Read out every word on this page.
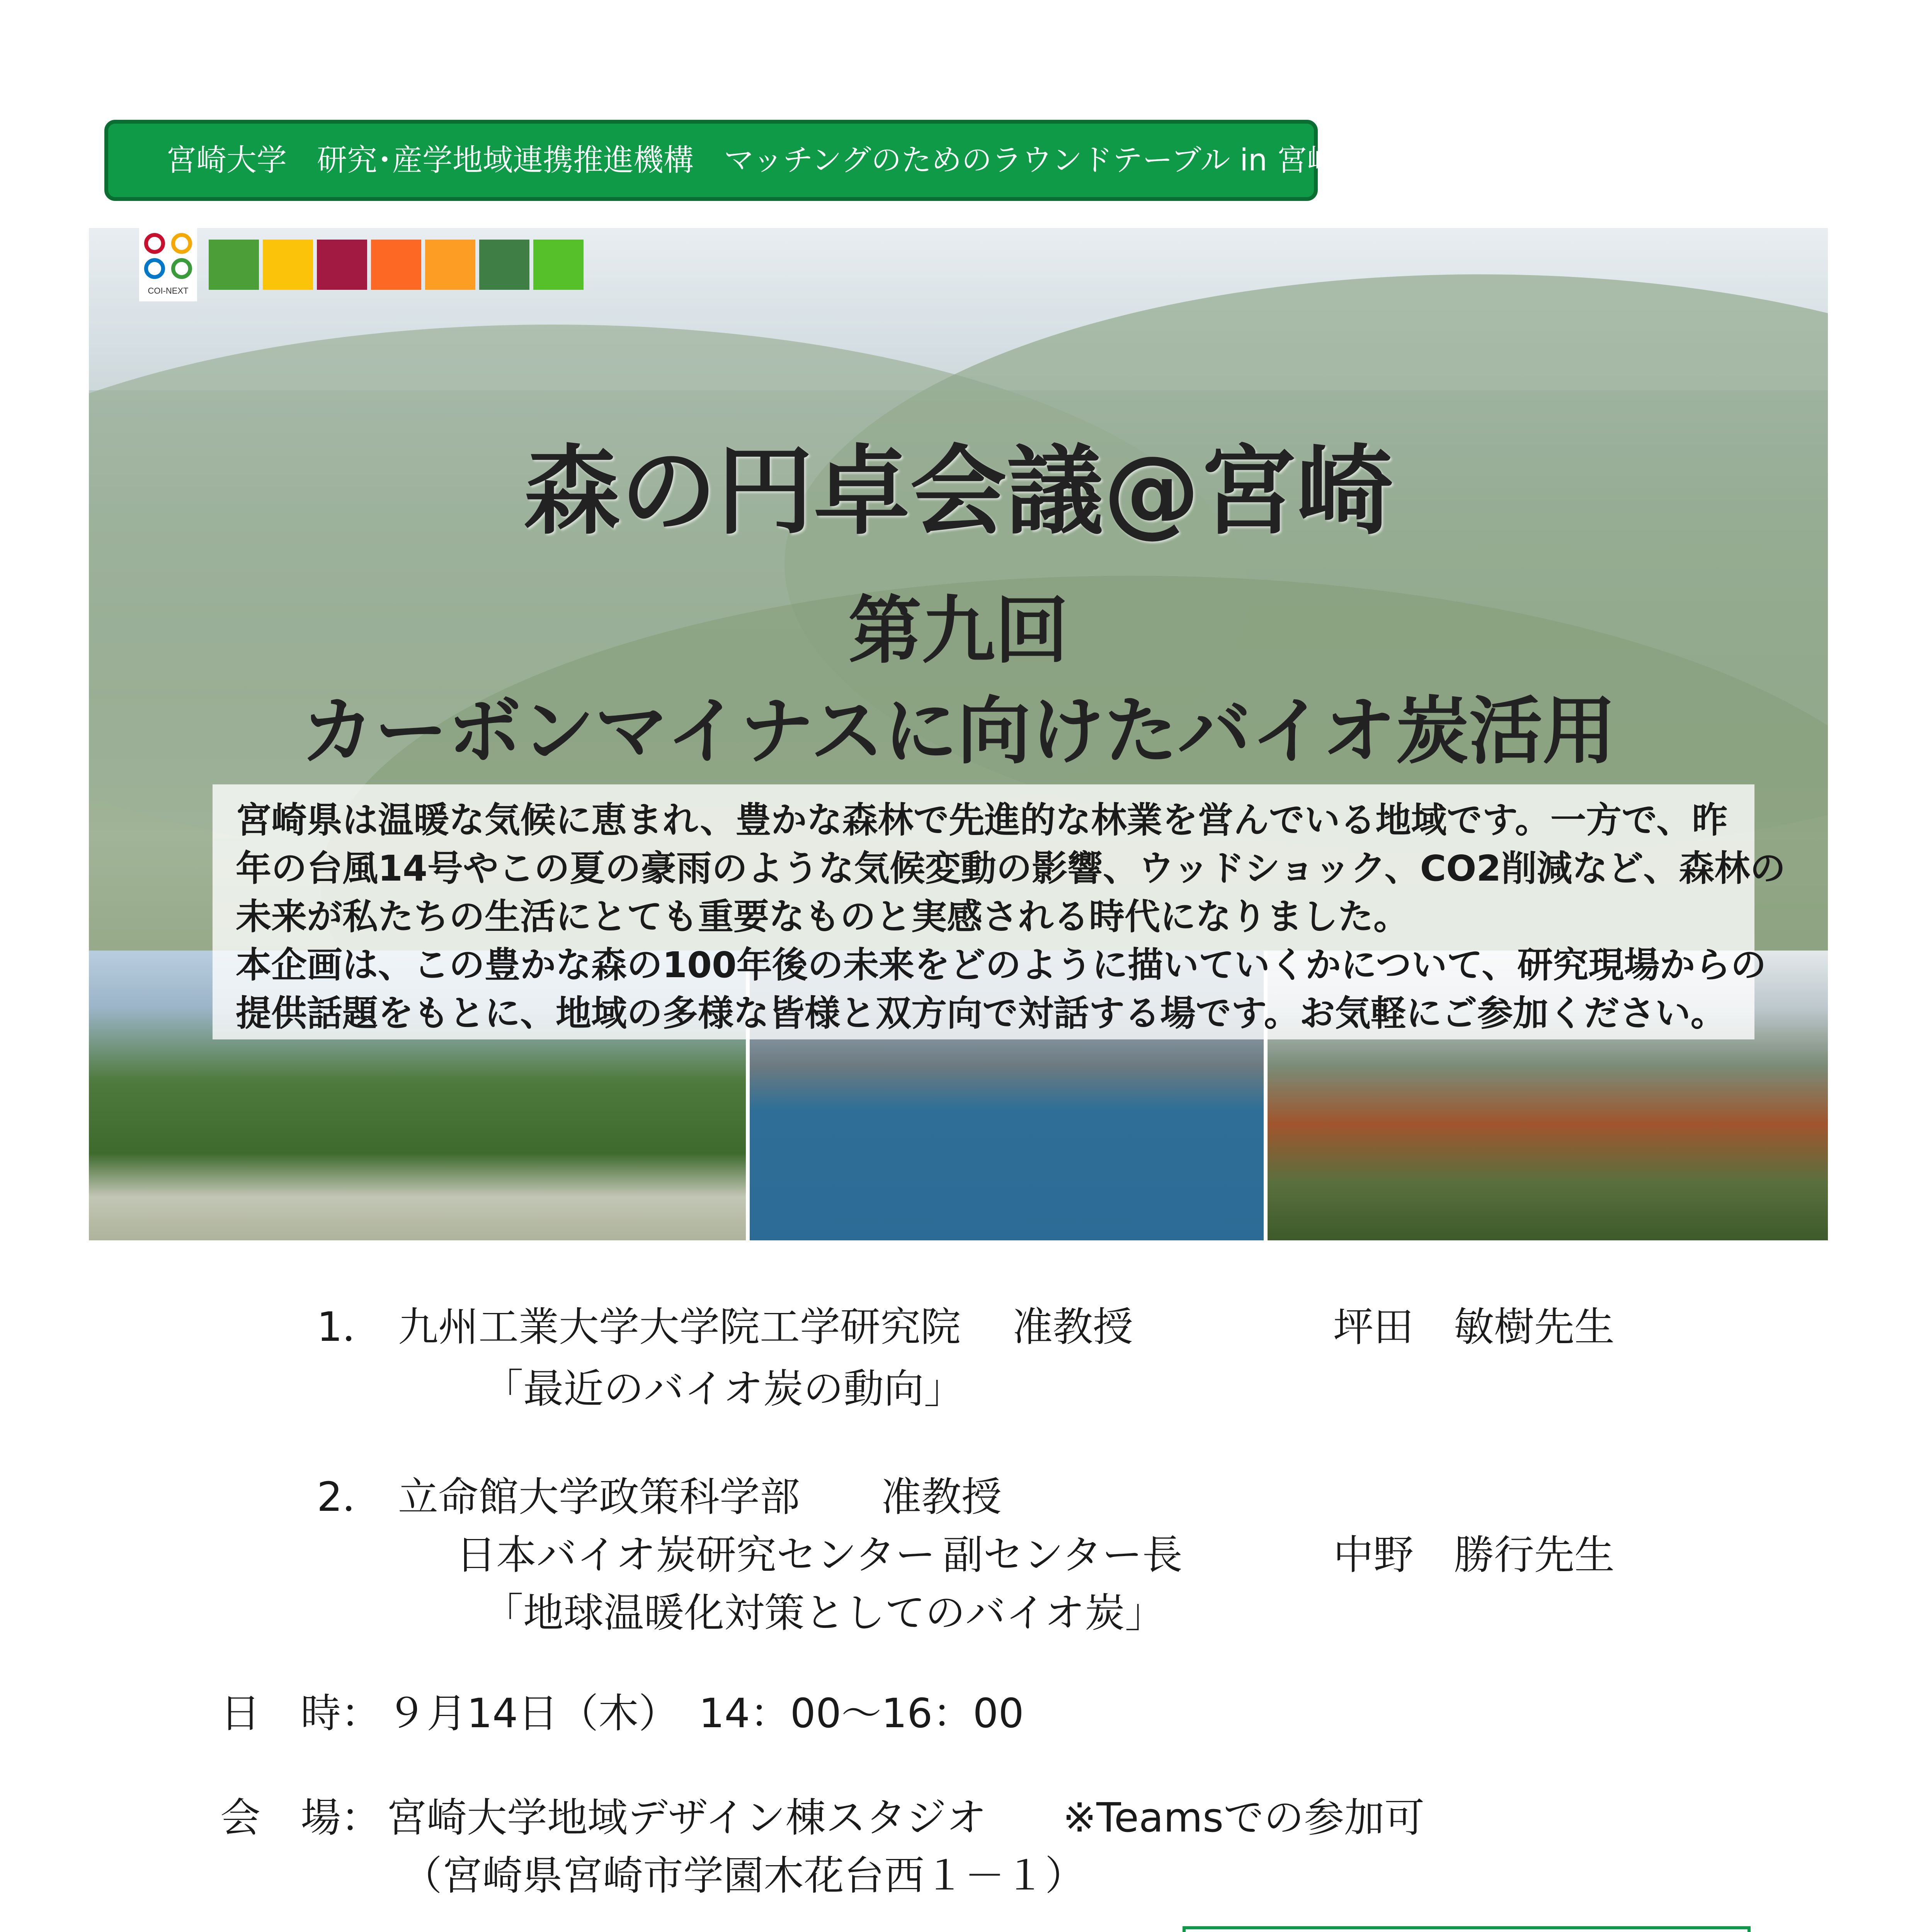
宮崎大学　研究･産学地域連携推進機構　マッチングのためのラウンドテーブル in 宮崎
COI-NEXT
森の円卓会議@宮崎
第九回
カーボンマイナスに向けたバイオ炭活用
宮崎県は温暖な気候に恵まれ、豊かな森林で先進的な林業を営んでいる地域です。一方で、昨
年の台風14号やこの夏の豪雨のような気候変動の影響、ウッドショック、CO2削減など、森林の
未来が私たちの生活にとても重要なものと実感される時代になりました。
本企画は、この豊かな森の100年後の未来をどのように描いていくかについて、研究現場からの
提供話題をもとに、地域の多様な皆様と双方向で対話する場です。お気軽にご参加ください。
1． 九州工業大学大学院工学研究院 准教授	坪田　敏樹先生
「最近のバイオ炭の動向」
2． 立命館大学政策科学部 准教授
日本バイオ炭研究センター 副センター長	中野　勝行先生
「地球温暖化対策としてのバイオ炭」
日　時： ９月14日（木）　14：00～16：00
会　場： 宮崎大学地域デザイン棟スタジオ ※Teamsでの参加可
（宮崎県宮崎市学園木花台西１－１）
